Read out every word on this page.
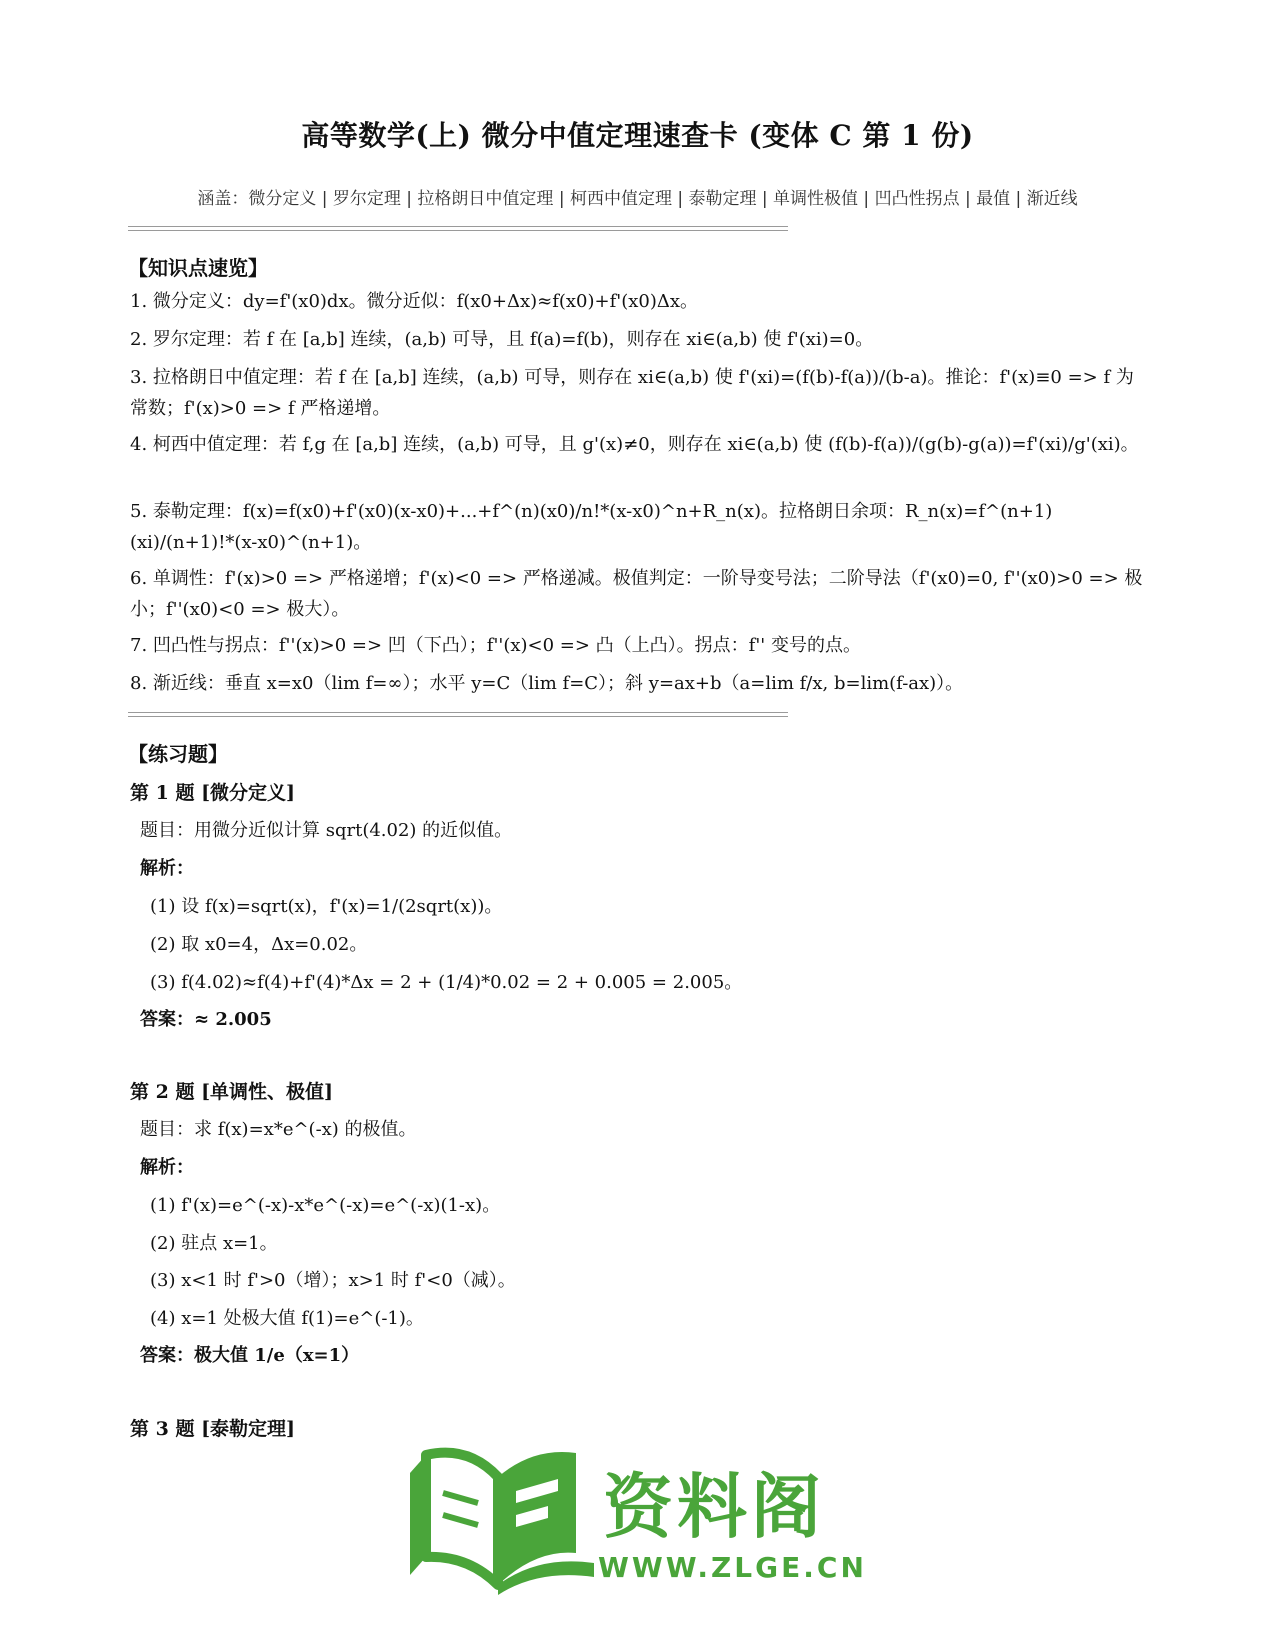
高等数学(上) 微分中值定理速查卡 (变体 C 第 1 份)
涵盖：微分定义 | 罗尔定理 | 拉格朗日中值定理 | 柯西中值定理 | 泰勒定理 | 单调性极值 | 凹凸性拐点 | 最值 | 渐近线
【知识点速览】
1. 微分定义：dy=f'(x0)dx。微分近似：f(x0+Δx)≈f(x0)+f'(x0)Δx。
2. 罗尔定理：若 f 在 [a,b] 连续，(a,b) 可导，且 f(a)=f(b)，则存在 xi∈(a,b) 使 f'(xi)=0。
3. 拉格朗日中值定理：若 f 在 [a,b] 连续，(a,b) 可导，则存在 xi∈(a,b) 使 f'(xi)=(f(b)-f(a))/(b-a)。推论：f'(x)≡0 => f 为常数；f'(x)>0 => f 严格递增。
4. 柯西中值定理：若 f,g 在 [a,b] 连续，(a,b) 可导，且 g'(x)≠0，则存在 xi∈(a,b) 使 (f(b)-f(a))/(g(b)-g(a))=f'(xi)/g'(xi)。
5. 泰勒定理：f(x)=f(x0)+f'(x0)(x-x0)+...+f^(n)(x0)/n!*(x-x0)^n+R_n(x)。拉格朗日余项：R_n(x)=f^(n+1)(xi)/(n+1)!*(x-x0)^(n+1)。
6. 单调性：f'(x)>0 => 严格递增；f'(x)<0 => 严格递减。极值判定：一阶导变号法；二阶导法（f'(x0)=0, f''(x0)>0 => 极小；f''(x0)<0 => 极大）。
7. 凹凸性与拐点：f''(x)>0 => 凹（下凸）；f''(x)<0 => 凸（上凸）。拐点：f'' 变号的点。
8. 渐近线：垂直 x=x0（lim f=∞）；水平 y=C（lim f=C）；斜 y=ax+b（a=lim f/x, b=lim(f-ax)）。
【练习题】
第 1 题 [微分定义]
题目：用微分近似计算 sqrt(4.02) 的近似值。
解析：
(1) 设 f(x)=sqrt(x)，f'(x)=1/(2sqrt(x))。
(2) 取 x0=4，Δx=0.02。
(3) f(4.02)≈f(4)+f'(4)*Δx = 2 + (1/4)*0.02 = 2 + 0.005 = 2.005。
答案：≈ 2.005
第 2 题 [单调性、极值]
题目：求 f(x)=x*e^(-x) 的极值。
解析：
(1) f'(x)=e^(-x)-x*e^(-x)=e^(-x)(1-x)。
(2) 驻点 x=1。
(3) x<1 时 f'>0（增）；x>1 时 f'<0（减）。
(4) x=1 处极大值 f(1)=e^(-1)。
答案：极大值 1/e（x=1）
第 3 题 [泰勒定理]
资料阁
WWW.ZLGE.CN
